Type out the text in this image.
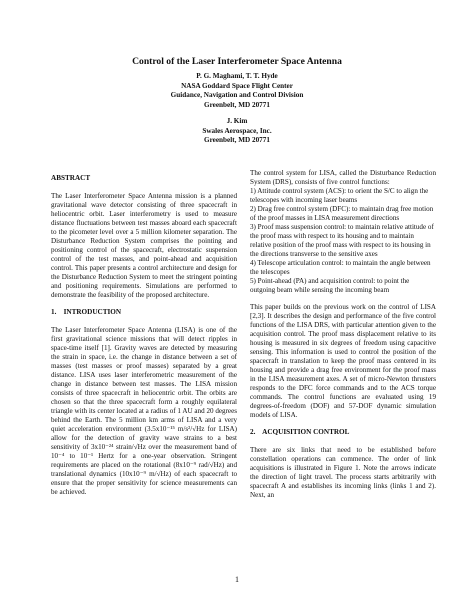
Control of the Laser Interferometer Space Antenna
P. G. Maghami, T. T. Hyde
NASA Goddard Space Flight Center
Guidance, Navigation and Control Division
Greenbelt, MD 20771
J. Kim
Swales Aerospace, Inc.
Greenbelt, MD 20771

ABSTRACT

The Laser Interferometer Space Antenna mission is a planned gravitational wave detector consisting of three spacecraft in heliocentric orbit. Laser interferometry is used to measure distance fluctuations between test masses aboard each spacecraft to the picometer level over a 5 million kilometer separation. The Disturbance Reduction System comprises the pointing and positioning control of the spacecraft, electrostatic suspension control of the test masses, and point-ahead and acquisition control. This paper presents a control architecture and design for the Disturbance Reduction System to meet the stringent pointing and positioning requirements. Simulations are performed to demonstrate the feasibility of the proposed architecture.

1.    INTRODUCTION

The Laser Interferometer Space Antenna (LISA) is one of the first gravitational science missions that will detect ripples in space-time itself [1]. Gravity waves are detected by measuring the strain in space, i.e. the change in distance between a set of masses (test masses or proof masses) separated by a great distance. LISA uses laser interferometric measurement of the change in distance between test masses. The LISA mission consists of three spacecraft in heliocentric orbit. The orbits are chosen so that the three spacecraft form a roughly equilateral triangle with its center located at a radius of 1 AU and 20 degrees behind the Earth. The 5 million km arms of LISA and a very quiet acceleration environment (3.5x10⁻¹⁵ m/s²/√Hz for LISA) allow for the detection of gravity wave strains to a best sensitivity of 3x10⁻²⁴ strain/√Hz over the measurement band of 10⁻⁴ to 10⁻¹ Hertz for a one-year observation. Stringent requirements are placed on the rotational (8x10⁻⁹ rad/√Hz) and translational dynamics (10x10⁻⁹ m/√Hz) of each spacecraft to ensure that the proper sensitivity for science measurements can be achieved.

The control system for LISA, called the Disturbance Reduction System (DRS), consists of five control functions:

1) Attitude control system (ACS): to orient the S/C to align the telescopes with incoming laser beams
2) Drag free control system (DFC): to maintain drag free motion of the proof masses in LISA measurement directions
3) Proof mass suspension control: to maintain relative attitude of the proof mass with respect to its housing and to maintain relative position of the proof mass with respect to its housing in the directions transverse to the sensitive axes
4) Telescope articulation control: to maintain the angle between the telescopes
5) Point-ahead (PA) and acquisition control: to point the outgoing beam while sensing the incoming beam

This paper builds on the previous work on the control of LISA [2,3]. It describes the design and performance of the five control functions of the LISA DRS, with particular attention given to the acquisition control. The proof mass displacement relative to its housing is measured in six degrees of freedom using capacitive sensing. This information is used to control the position of the spacecraft in translation to keep the proof mass centered in its housing and provide a drag free environment for the proof mass in the LISA measurement axes. A set of micro-Newton thrusters responds to the DFC force commands and to the ACS torque commands. The control functions are evaluated using 19 degrees-of-freedom (DOF) and 57-DOF dynamic simulation models of LISA.

2.    ACQUISITION CONTROL

There are six links that need to be established before constellation operations can commence. The order of link acquisitions is illustrated in Figure 1. Note the arrows indicate the direction of light travel. The process starts arbitrarily with spacecraft A and establishes its incoming links (links 1 and 2). Next, an

1
